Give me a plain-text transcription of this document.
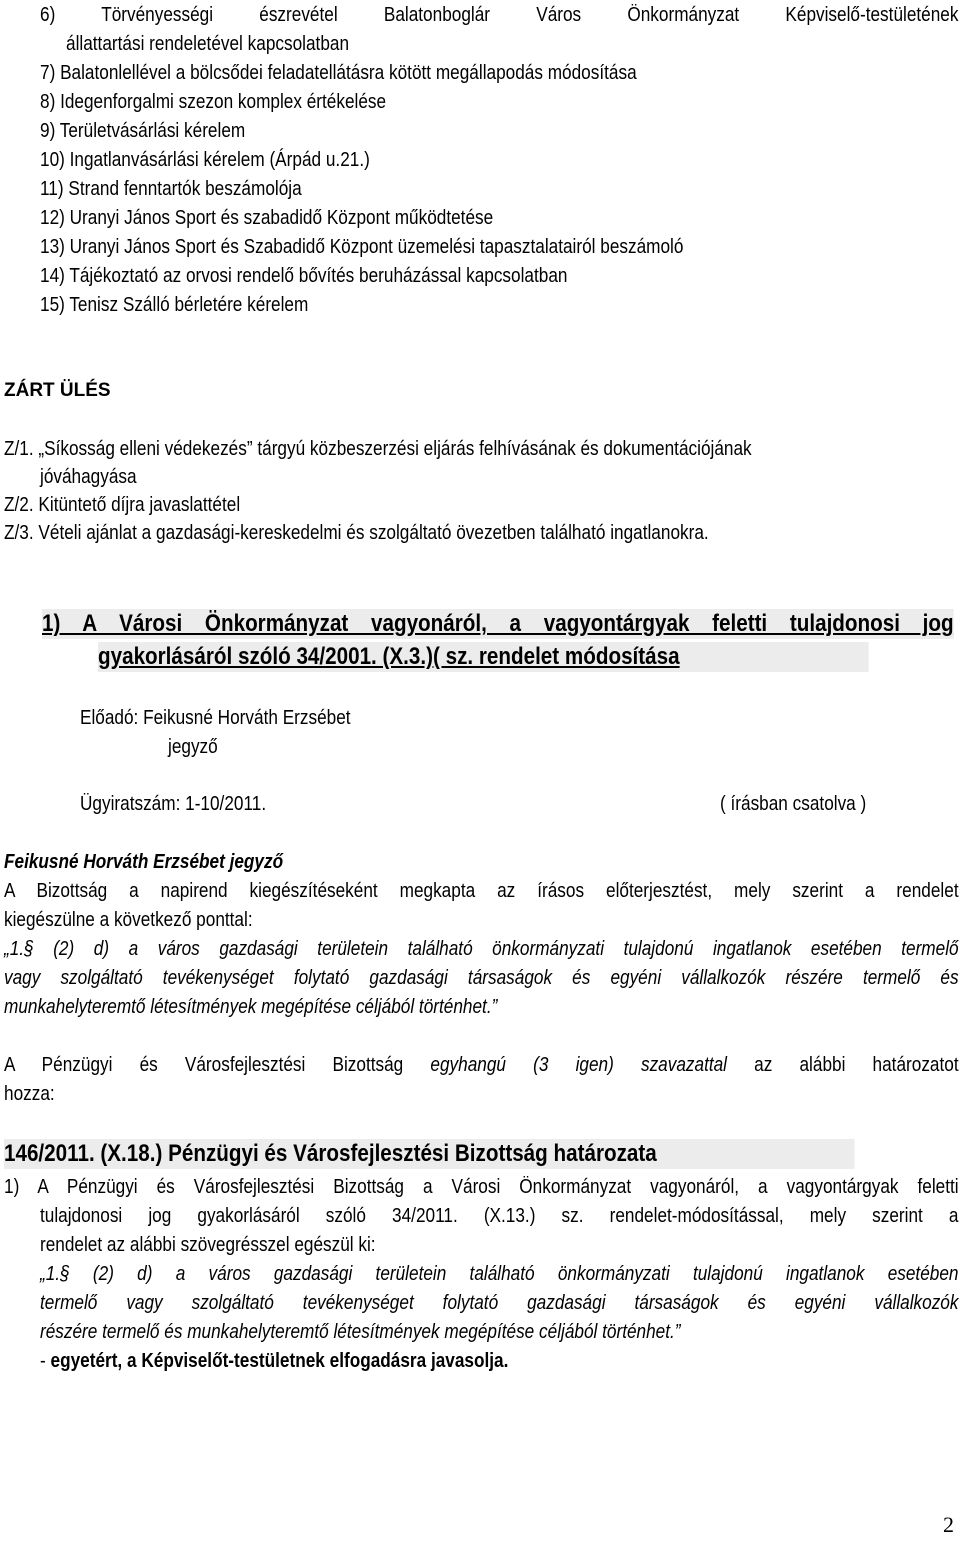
6) Törvényességi észrevétel Balatonboglár Város Önkormányzat Képviselő-testületének
állattartási rendeletével kapcsolatban
7) Balatonlellével a bölcsődei feladatellátásra kötött megállapodás módosítása
8) Idegenforgalmi szezon komplex értékelése
9) Területvásárlási kérelem
10) Ingatlanvásárlási kérelem (Árpád u.21.)
11) Strand fenntartók beszámolója
12) Uranyi János Sport és szabadidő Központ működtetése
13) Uranyi János Sport és Szabadidő Központ üzemelési tapasztalatairól beszámoló
14) Tájékoztató az orvosi rendelő bővítés beruházással kapcsolatban
15) Tenisz Szálló bérletére kérelem
ZÁRT ÜLÉS
Z/1. „Síkosság elleni védekezés” tárgyú közbeszerzési eljárás felhívásának és dokumentációjának
jóváhagyása
Z/2. Kitüntető díjra javaslattétel
Z/3. Vételi ajánlat a gazdasági-kereskedelmi és szolgáltató övezetben található ingatlanokra.
1) A Városi Önkormányzat vagyonáról, a vagyontárgyak feletti tulajdonosi jog
gyakorlásáról szóló 34/2001. (X.3.)( sz. rendelet módosítása
Előadó: Feikusné Horváth Erzsébet
jegyző
Ügyiratszám: 1-10/2011.	( írásban csatolva )
Feikusné Horváth Erzsébet jegyző
A Bizottság a napirend kiegészítéseként megkapta az írásos előterjesztést, mely szerint a rendelet
kiegészülne a következő ponttal:
„1.§ (2) d) a város gazdasági területein található önkormányzati tulajdonú ingatlanok esetében termelő
vagy szolgáltató tevékenységet folytató gazdasági társaságok és egyéni vállalkozók részére termelő és
munkahelyteremtő létesítmények megépítése céljából történhet.”
A Pénzügyi és Városfejlesztési Bizottság egyhangú (3 igen) szavazattal az alábbi határozatot
hozza:
146/2011. (X.18.) Pénzügyi és Városfejlesztési Bizottság határozata
1) A Pénzügyi és Városfejlesztési Bizottság a Városi Önkormányzat vagyonáról, a vagyontárgyak feletti
tulajdonosi jog gyakorlásáról szóló 34/2011. (X.13.) sz. rendelet-módosítással, mely szerint a
rendelet az alábbi szövegrésszel egészül ki:
„1.§ (2) d) a város gazdasági területein található önkormányzati tulajdonú ingatlanok esetében
termelő vagy szolgáltató tevékenységet folytató gazdasági társaságok és egyéni vállalkozók
részére termelő és munkahelyteremtő létesítmények megépítése céljából történhet.”
- egyetért, a Képviselőt-testületnek elfogadásra javasolja.
2
